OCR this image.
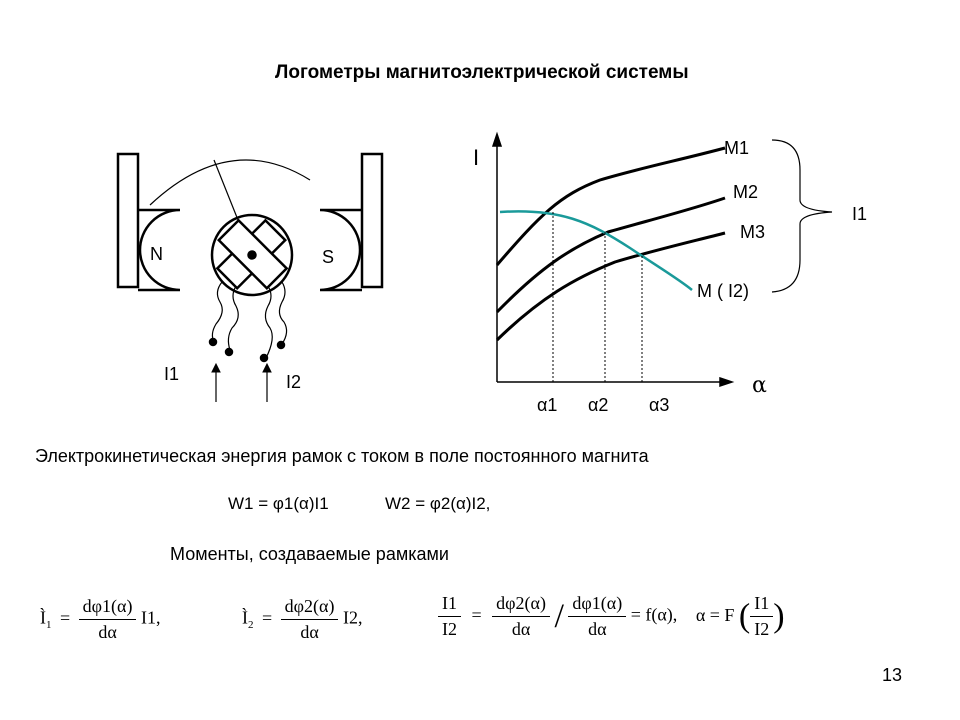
Логометры магнитоэлектрической системы
N	S
I
α
M1
M2
M3
I1
M ( I2)
α1 α2 α3
I1	I2
Электрокинетическая энергия рамок с током в поле постоянного магнита
W1 = φ1(α)I1	W2 = φ2(α)I2,
Моменты, создаваемые рамками
$Ì_1 = \frac{d\varphi 1(\alpha)}{d\alpha} I1$,	$Ì_2 = \frac{d\varphi 2(\alpha)}{d\alpha} I2$,	$\frac{I1}{I2} = \frac{d\varphi 2(\alpha)}{d\alpha} / \frac{d\varphi 1(\alpha)}{d\alpha} = f(\alpha)$, α = F ( $\frac{I1}{I2}$ )
13
